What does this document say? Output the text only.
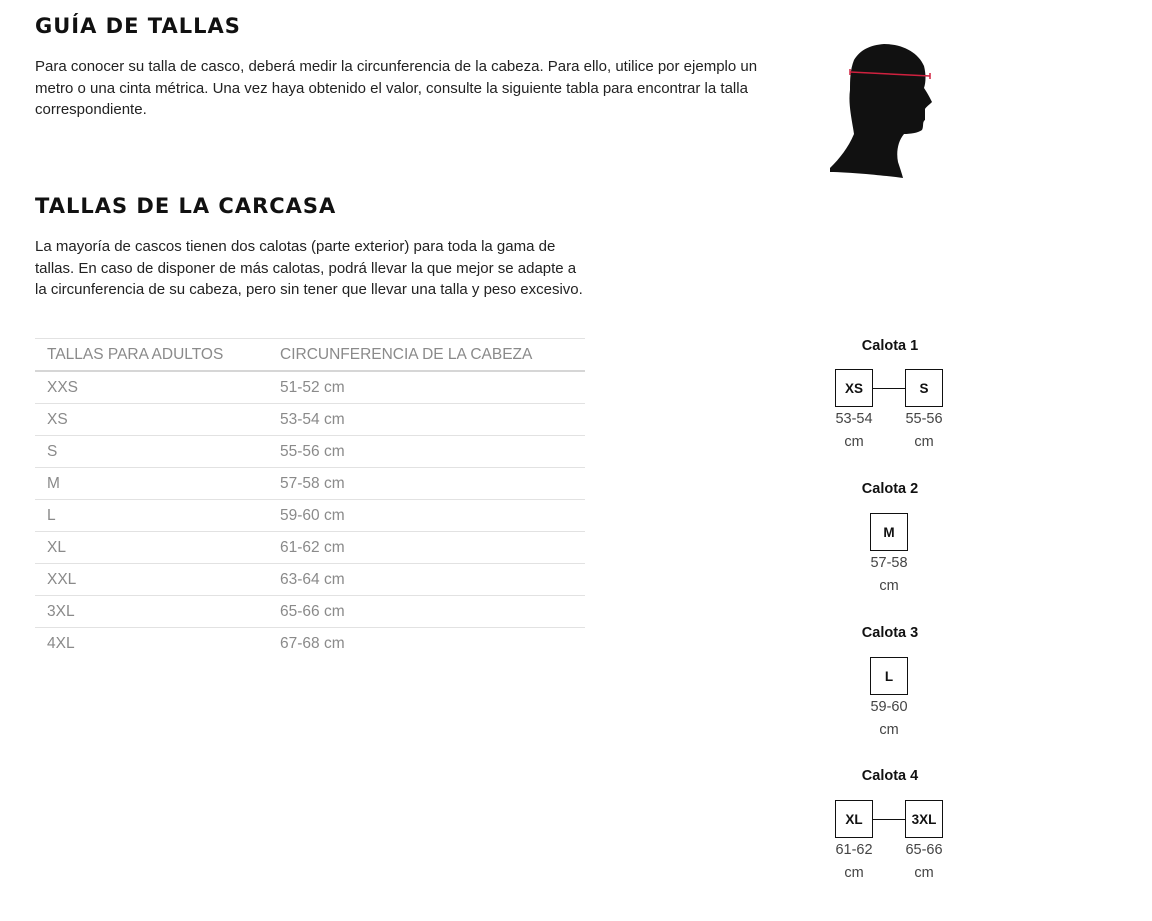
GUÍA DE TALLAS

Para conocer su talla de casco, deberá medir la circunferencia de la cabeza. Para ello, utilice por ejemplo un metro o una cinta métrica. Una vez haya obtenido el valor, consulte la siguiente tabla para encontrar la talla correspondiente.

TALLAS DE LA CARCASA

La mayoría de cascos tienen dos calotas (parte exterior) para toda la gama de tallas. En caso de disponer de más calotas, podrá llevar la que mejor se adapte a la circunferencia de su cabeza, pero sin tener que llevar una talla y peso excesivo.

TALLAS PARA ADULTOS	CIRCUNFERENCIA DE LA CABEZA
XXS	51-52 cm
XS	53-54 cm
S	55-56 cm
M	57-58 cm
L	59-60 cm
XL	61-62 cm
XXL	63-64 cm
3XL	65-66 cm
4XL	67-68 cm
Calota 1
XS	S
53-54
cm
55-56
cm
Calota 2
M
57-58
cm
Calota 3
L
59-60
cm
Calota 4
XL	3XL
61-62
cm
65-66
cm
